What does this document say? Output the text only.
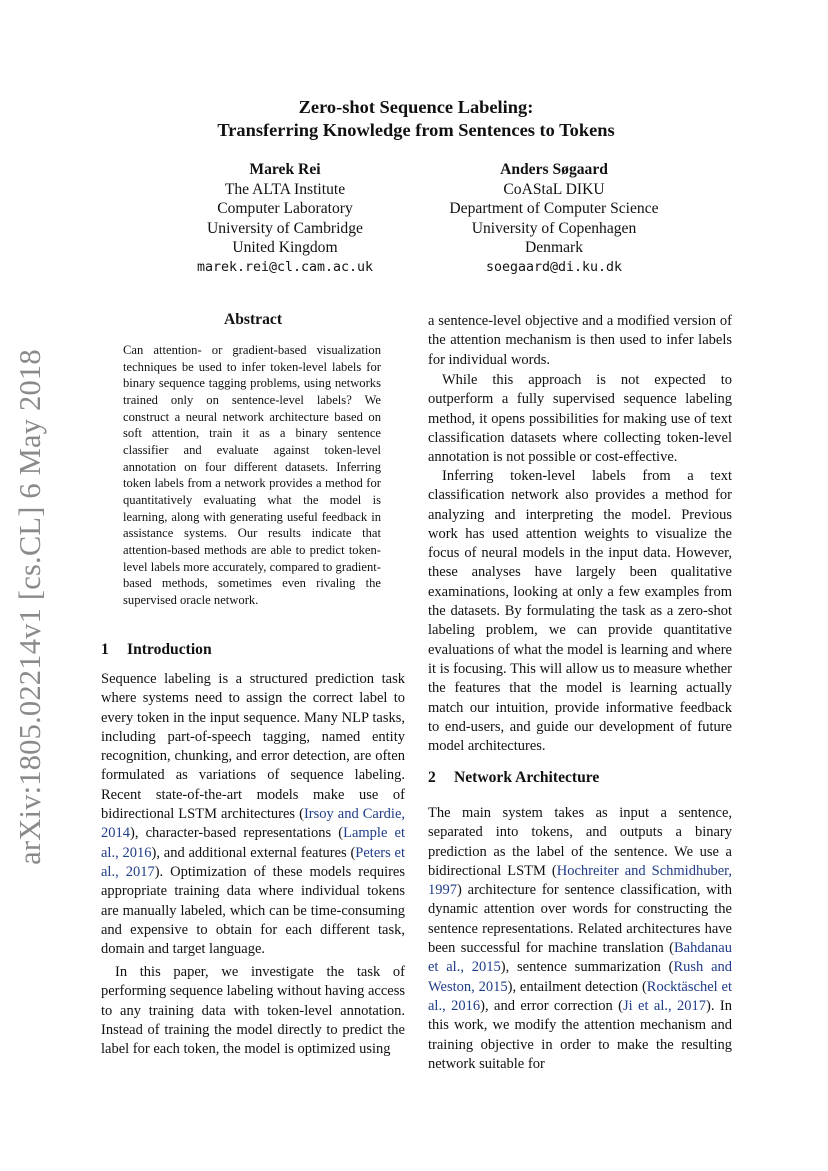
arXiv:1805.02214v1 [cs.CL] 6 May 2018
Zero-shot Sequence Labeling:
Transferring Knowledge from Sentences to Tokens
Marek Rei
The ALTA Institute
Computer Laboratory
University of Cambridge
United Kingdom
marek.rei@cl.cam.ac.uk
Anders Søgaard
CoAStaL DIKU
Department of Computer Science
University of Copenhagen
Denmark
soegaard@di.ku.dk
Abstract
Can attention- or gradient-based visualization techniques be used to infer token-level labels for binary sequence tagging problems, using networks trained only on sentence-level labels? We construct a neural network architecture based on soft attention, train it as a binary sentence classifier and evaluate against token-level annotation on four different datasets. Inferring token labels from a network provides a method for quantitatively evaluating what the model is learning, along with generating useful feedback in assistance systems. Our results indicate that attention-based methods are able to predict token-level labels more accurately, compared to gradient-based methods, sometimes even rivaling the supervised oracle network.
1 Introduction
Sequence labeling is a structured prediction task where systems need to assign the correct label to every token in the input sequence. Many NLP tasks, including part-of-speech tagging, named entity recognition, chunking, and error detection, are often formulated as variations of sequence labeling. Recent state-of-the-art models make use of bidirectional LSTM architectures (Irsoy and Cardie, 2014), character-based representations (Lample et al., 2016), and additional external features (Peters et al., 2017). Optimization of these models requires appropriate training data where individual tokens are manually labeled, which can be time-consuming and expensive to obtain for each different task, domain and target language.
In this paper, we investigate the task of performing sequence labeling without having access to any training data with token-level annotation. Instead of training the model directly to predict the label for each token, the model is optimized using
a sentence-level objective and a modified version of the attention mechanism is then used to infer labels for individual words.
While this approach is not expected to outperform a fully supervised sequence labeling method, it opens possibilities for making use of text classification datasets where collecting token-level annotation is not possible or cost-effective.
Inferring token-level labels from a text classification network also provides a method for analyzing and interpreting the model. Previous work has used attention weights to visualize the focus of neural models in the input data. However, these analyses have largely been qualitative examinations, looking at only a few examples from the datasets. By formulating the task as a zero-shot labeling problem, we can provide quantitative evaluations of what the model is learning and where it is focusing. This will allow us to measure whether the features that the model is learning actually match our intuition, provide informative feedback to end-users, and guide our development of future model architectures.
2 Network Architecture
The main system takes as input a sentence, separated into tokens, and outputs a binary prediction as the label of the sentence. We use a bidirectional LSTM (Hochreiter and Schmidhuber, 1997) architecture for sentence classification, with dynamic attention over words for constructing the sentence representations. Related architectures have been successful for machine translation (Bahdanau et al., 2015), sentence summarization (Rush and Weston, 2015), entailment detection (Rocktäschel et al., 2016), and error correction (Ji et al., 2017). In this work, we modify the attention mechanism and training objective in order to make the resulting network suitable for
